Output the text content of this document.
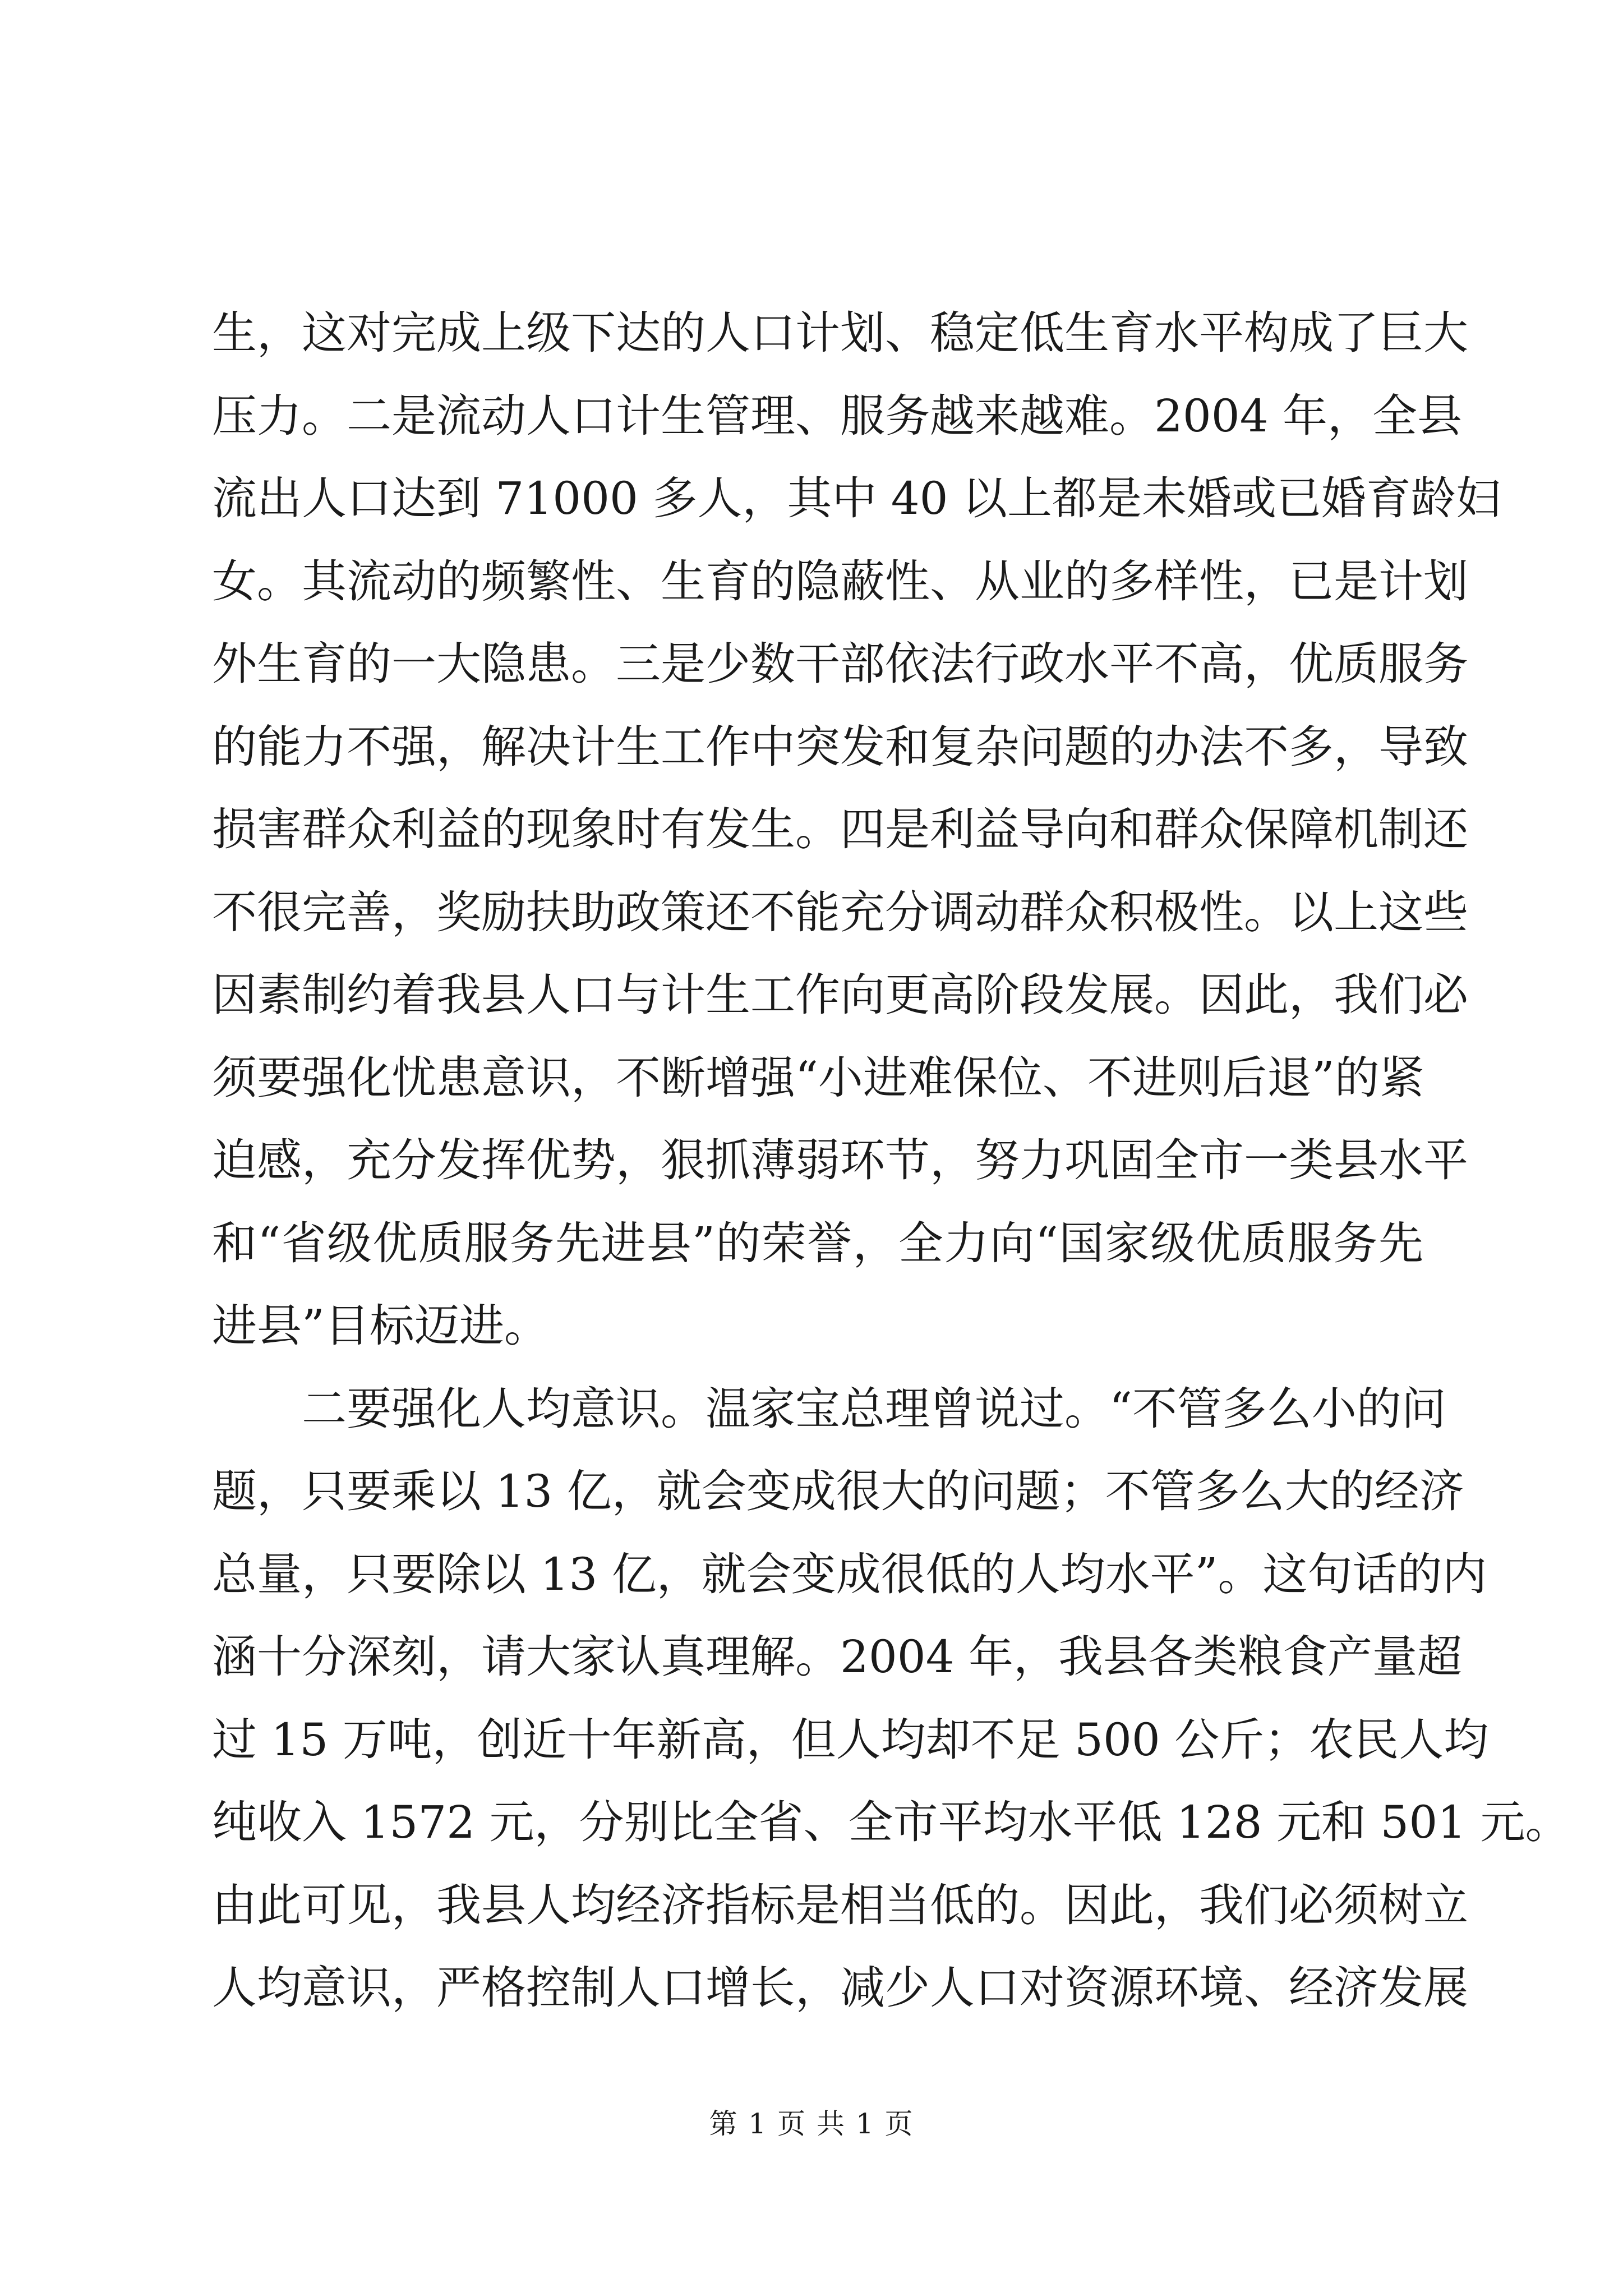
生，这对完成上级下达的人口计划、稳定低生育水平构成了巨大
压力。二是流动人口计生管理、服务越来越难。2004 年，全县
流出人口达到 71000 多人，其中 40 以上都是未婚或已婚育龄妇
女。其流动的频繁性、生育的隐蔽性、从业的多样性，已是计划
外生育的一大隐患。三是少数干部依法行政水平不高，优质服务
的能力不强，解决计生工作中突发和复杂问题的办法不多，导致
损害群众利益的现象时有发生。四是利益导向和群众保障机制还
不很完善，奖励扶助政策还不能充分调动群众积极性。以上这些
因素制约着我县人口与计生工作向更高阶段发展。因此，我们必
须要强化忧患意识，不断增强“小进难保位、不进则后退”的紧
迫感，充分发挥优势，狠抓薄弱环节，努力巩固全市一类县水平
和“省级优质服务先进县”的荣誉，全力向“国家级优质服务先
进县”目标迈进。
二要强化人均意识。温家宝总理曾说过。“不管多么小的问
题，只要乘以 13 亿，就会变成很大的问题；不管多么大的经济
总量，只要除以 13 亿，就会变成很低的人均水平”。这句话的内
涵十分深刻，请大家认真理解。2004 年，我县各类粮食产量超
过 15 万吨，创近十年新高，但人均却不足 500 公斤；农民人均
纯收入 1572 元，分别比全省、全市平均水平低 128 元和 501 元。
由此可见，我县人均经济指标是相当低的。因此，我们必须树立
人均意识，严格控制人口增长，减少人口对资源环境、经济发展
第 1 页 共 1 页
